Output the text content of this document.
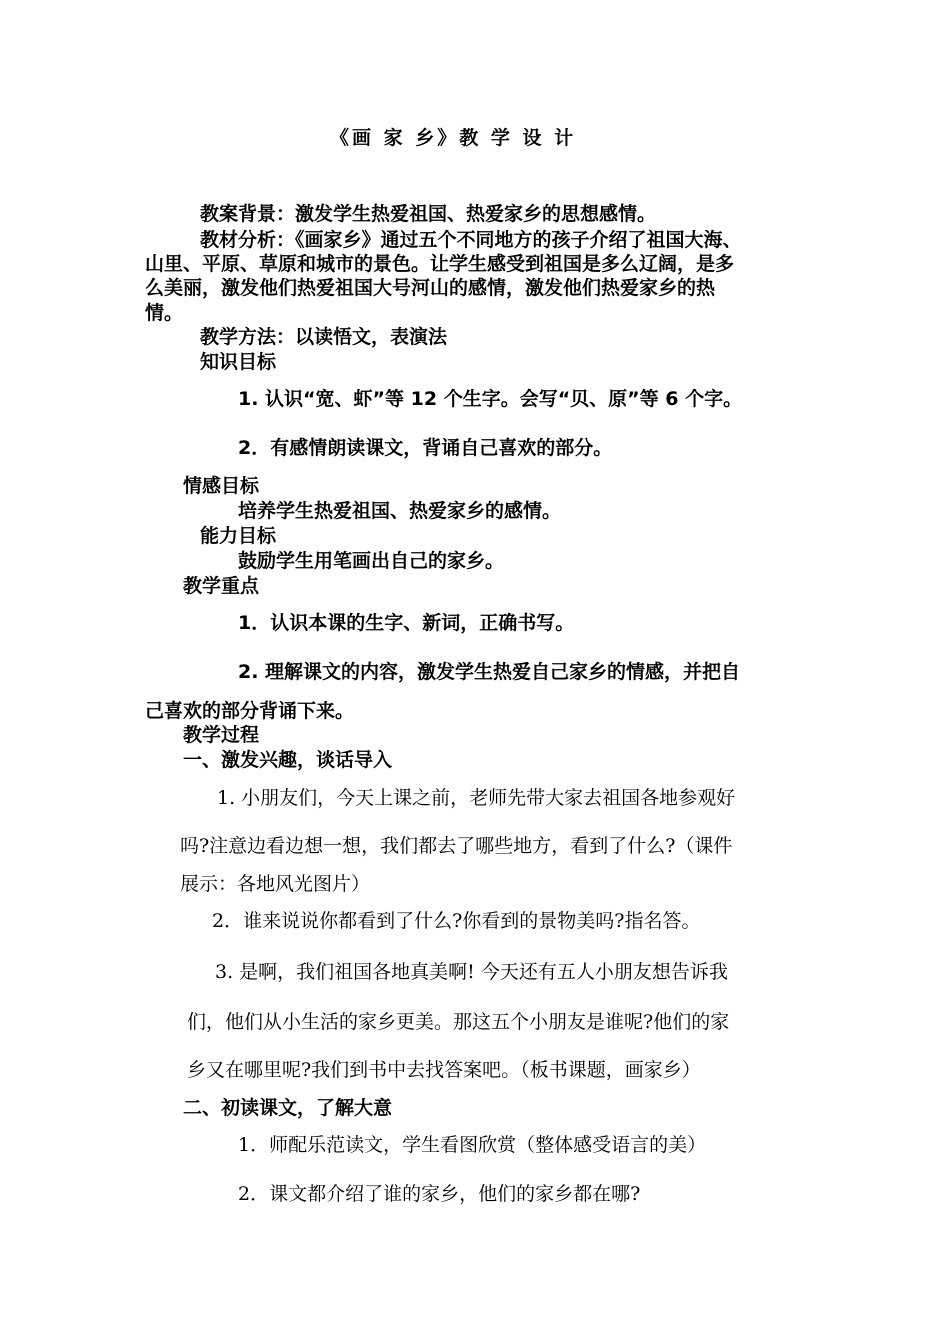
《画 家 乡》教 学 设 计
教案背景：激发学生热爱祖国、热爱家乡的思想感情。
教材分析：《画家乡》通过五个不同地方的孩子介绍了祖国大海、
山里、平原、草原和城市的景色。让学生感受到祖国是多么辽阔，是多
么美丽，激发他们热爱祖国大号河山的感情，激发他们热爱家乡的热
情。
教学方法：以读悟文，表演法
知识目标
1. 认识“宽、虾”等 12 个生字。会写“贝、原”等 6 个字。
2．有感情朗读课文，背诵自己喜欢的部分。
情感目标
培养学生热爱祖国、热爱家乡的感情。
能力目标
鼓励学生用笔画出自己的家乡。
教学重点
1．认识本课的生字、新词，正确书写。
2. 理解课文的内容，激发学生热爱自己家乡的情感，并把自
己喜欢的部分背诵下来。
教学过程
一、激发兴趣，谈话导入
1. 小朋友们，今天上课之前，老师先带大家去祖国各地参观好
吗?注意边看边想一想，我们都去了哪些地方，看到了什么?（课件
展示：各地风光图片）
2．谁来说说你都看到了什么?你看到的景物美吗?指名答。
3. 是啊，我们祖国各地真美啊! 今天还有五人小朋友想告诉我
们，他们从小生活的家乡更美。那这五个小朋友是谁呢?他们的家
乡又在哪里呢?我们到书中去找答案吧。（板书课题，画家乡）
二、初读课文，了解大意
1．师配乐范读文，学生看图欣赏（整体感受语言的美）
2．课文都介绍了谁的家乡，他们的家乡都在哪?
